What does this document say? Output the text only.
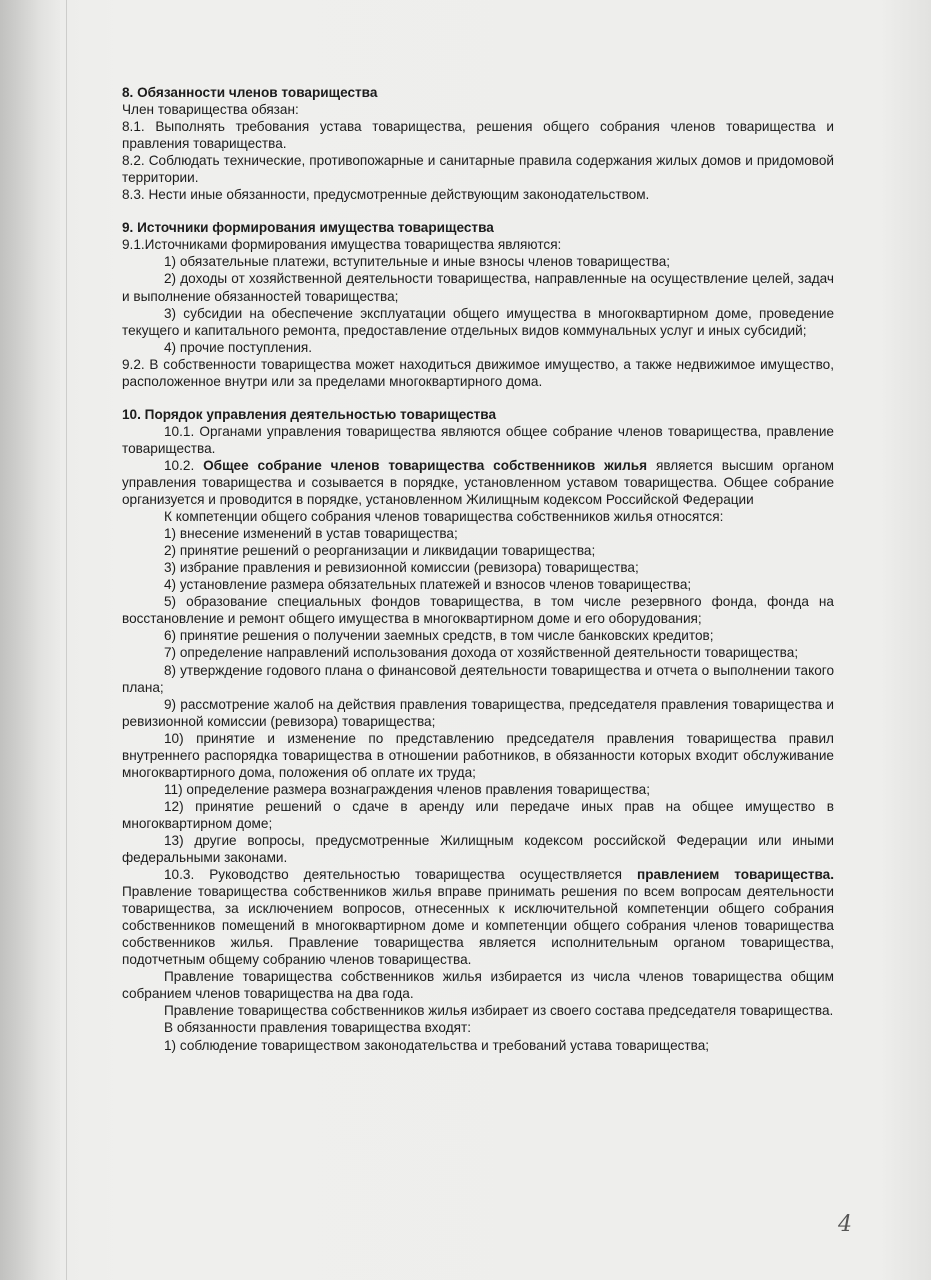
8. Обязанности членов товарищества

Член товарищества обязан:

8.1. Выполнять требования устава товарищества, решения общего собрания членов товарищества и правления товарищества.

8.2. Соблюдать технические, противопожарные и санитарные правила содержания жилых домов и придомовой территории.

8.3. Нести иные обязанности, предусмотренные действующим законодательством.

9. Источники формирования имущества товарищества

9.1.Источниками формирования имущества товарищества являются:

1) обязательные платежи, вступительные и иные взносы членов товарищества;

2) доходы от хозяйственной деятельности товарищества, направленные на осуществление целей, задач и выполнение обязанностей товарищества;

3) субсидии на обеспечение эксплуатации общего имущества в многоквартирном доме, проведение текущего и капитального ремонта, предоставление отдельных видов коммунальных услуг и иных субсидий;

4) прочие поступления.

9.2. В собственности товарищества может находиться движимое имущество, а также недвижимое имущество, расположенное внутри или за пределами многоквартирного дома.

10. Порядок управления деятельностью товарищества

10.1. Органами управления товарищества являются общее собрание членов товарищества, правление товарищества.

10.2. Общее собрание членов товарищества собственников жилья является высшим органом управления товарищества и созывается в порядке, установленном уставом товарищества. Общее собрание организуется и проводится в порядке, установленном Жилищным кодексом Российской Федерации

К компетенции общего собрания членов товарищества собственников жилья относятся:

1) внесение изменений в устав товарищества;

2) принятие решений о реорганизации и ликвидации товарищества;

3) избрание правления и ревизионной комиссии (ревизора) товарищества;

4) установление размера обязательных платежей и взносов членов товарищества;

5) образование специальных фондов товарищества, в том числе резервного фонда, фонда на восстановление и ремонт общего имущества в многоквартирном доме и его оборудования;

6) принятие решения о получении заемных средств, в том числе банковских кредитов;

7) определение направлений использования дохода от хозяйственной деятельности товарищества;

8) утверждение годового плана о финансовой деятельности товарищества и отчета о выполнении такого плана;

9) рассмотрение жалоб на действия правления товарищества, председателя правления товарищества и ревизионной комиссии (ревизора) товарищества;

10) принятие и изменение по представлению председателя правления товарищества правил внутреннего распорядка товарищества в отношении работников, в обязанности которых входит обслуживание многоквартирного дома, положения об оплате их труда;

11) определение размера вознаграждения членов правления товарищества;

12) принятие решений о сдаче в аренду или передаче иных прав на общее имущество в многоквартирном доме;

13) другие вопросы, предусмотренные Жилищным кодексом российской Федерации или иными федеральными законами.

10.3. Руководство деятельностью товарищества осуществляется правлением товарищества. Правление товарищества собственников жилья вправе принимать решения по всем вопросам деятельности товарищества, за исключением вопросов, отнесенных к исключительной компетенции общего собрания собственников помещений в многоквартирном доме и компетенции общего собрания членов товарищества собственников жилья. Правление товарищества является исполнительным органом товарищества, подотчетным общему собранию членов товарищества.

Правление товарищества собственников жилья избирается из числа членов товарищества общим собранием членов товарищества на два года.

Правление товарищества собственников жилья избирает из своего состава председателя товарищества.

В обязанности правления товарищества входят:

1) соблюдение товариществом законодательства и требований устава товарищества;

4
